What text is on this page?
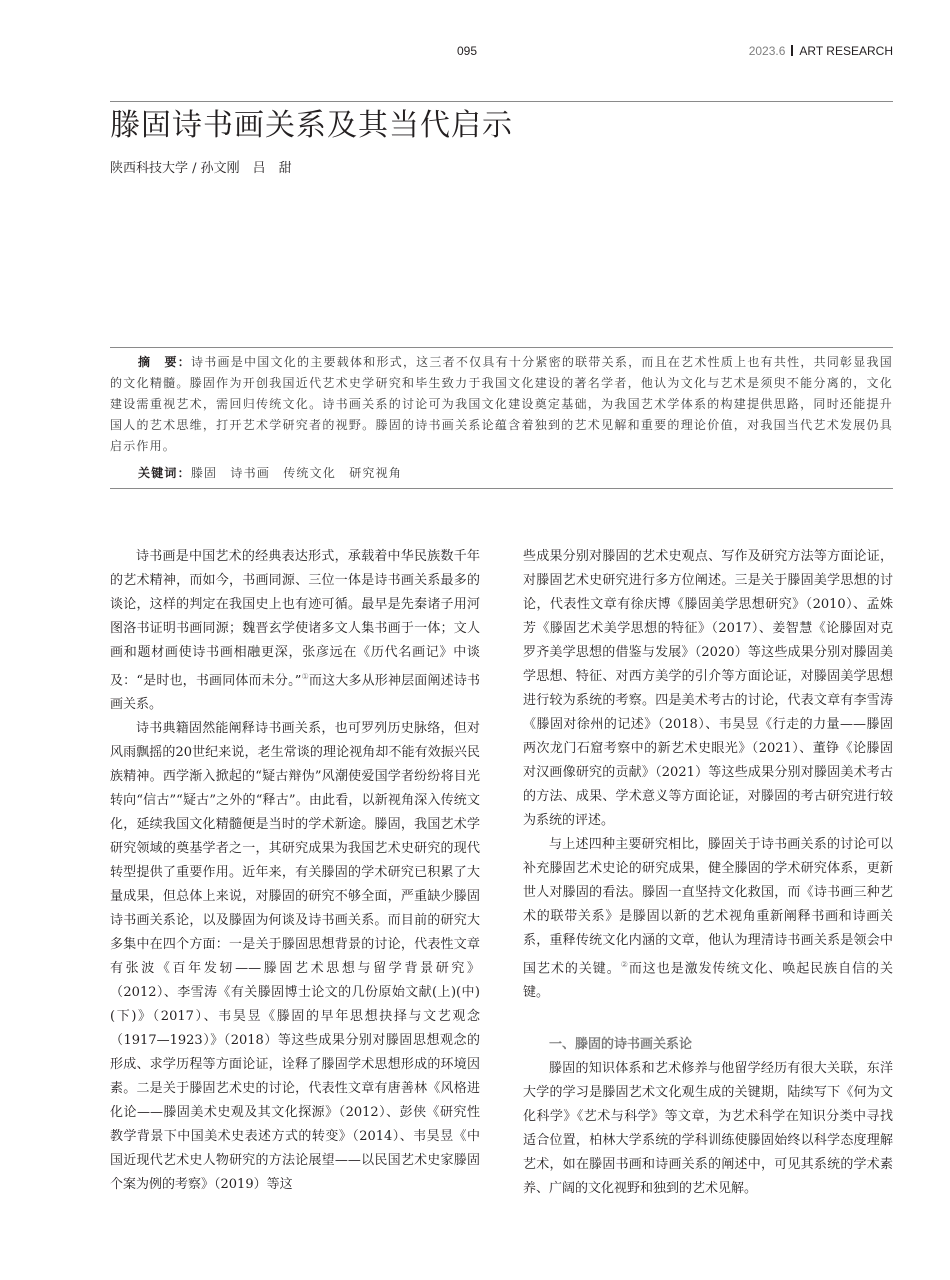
095	2023.6 ART RESEARCH
滕固诗书画关系及其当代启示
陕西科技大学 / 孙文刚　吕　甜
摘　要：诗书画是中国文化的主要载体和形式，这三者不仅具有十分紧密的联带关系，而且在艺术性质上也有共性，共同彰显我国的文化精髓。滕固作为开创我国近代艺术史学研究和毕生致力于我国文化建设的著名学者，他认为文化与艺术是须臾不能分离的，文化建设需重视艺术，需回归传统文化。诗书画关系的讨论可为我国文化建设奠定基础，为我国艺术学体系的构建提供思路，同时还能提升国人的艺术思维，打开艺术学研究者的视野。滕固的诗书画关系论蕴含着独到的艺术见解和重要的理论价值，对我国当代艺术发展仍具启示作用。
关键词：滕固　诗书画　传统文化　研究视角

诗书画是中国艺术的经典表达形式，承载着中华民族数千年的艺术精神，而如今，书画同源、三位一体是诗书画关系最多的谈论，这样的判定在我国史上也有迹可循。最早是先秦诸子用河图洛书证明书画同源；魏晋玄学使诸多文人集书画于一体；文人画和题材画使诗书画相融更深，张彦远在《历代名画记》中谈及：“是时也，书画同体而未分。”①而这大多从形神层面阐述诗书画关系。

诗书典籍固然能阐释诗书画关系，也可罗列历史脉络，但对风雨飘摇的20世纪来说，老生常谈的理论视角却不能有效振兴民族精神。西学渐入掀起的“疑古辩伪”风潮使爱国学者纷纷将目光转向“信古”“疑古”之外的“释古”。由此看，以新视角深入传统文化，延续我国文化精髓便是当时的学术新途。滕固，我国艺术学研究领域的奠基学者之一，其研究成果为我国艺术史研究的现代转型提供了重要作用。近年来，有关滕固的学术研究已积累了大量成果，但总体上来说，对滕固的研究不够全面，严重缺少滕固诗书画关系论，以及滕固为何谈及诗书画关系。而目前的研究大多集中在四个方面：一是关于滕固思想背景的讨论，代表性文章有张波《百年发轫——滕固艺术思想与留学背景研究》（2012）、李雪涛《有关滕固博士论文的几份原始文献(上)(中)(下)》（2017）、韦昊昱《滕固的早年思想抉择与文艺观念（1917—1923）》（2018）等这些成果分别对滕固思想观念的形成、求学历程等方面论证，诠释了滕固学术思想形成的环境因素。二是关于滕固艺术史的讨论，代表性文章有唐善林《风格进化论——滕固美术史观及其文化探源》（2012）、彭侠《研究性教学背景下中国美术史表述方式的转变》（2014）、韦昊昱《中国近现代艺术史人物研究的方法论展望——以民国艺术史家滕固个案为例的考察》（2019）等这

些成果分别对滕固的艺术史观点、写作及研究方法等方面论证，对滕固艺术史研究进行多方位阐述。三是关于滕固美学思想的讨论，代表性文章有徐庆博《滕固美学思想研究》（2010）、孟姝芳《滕固艺术美学思想的特征》（2017）、姜智慧《论滕固对克罗齐美学思想的借鉴与发展》（2020）等这些成果分别对滕固美学思想、特征、对西方美学的引介等方面论证，对滕固美学思想进行较为系统的考察。四是美术考古的讨论，代表文章有李雪涛《滕固对徐州的记述》（2018）、韦昊昱《行走的力量——滕固两次龙门石窟考察中的新艺术史眼光》（2021）、董铮《论滕固对汉画像研究的贡献》（2021）等这些成果分别对滕固美术考古的方法、成果、学术意义等方面论证，对滕固的考古研究进行较为系统的评述。

与上述四种主要研究相比，滕固关于诗书画关系的讨论可以补充滕固艺术史论的研究成果，健全滕固的学术研究体系，更新世人对滕固的看法。滕固一直坚持文化救国，而《诗书画三种艺术的联带关系》是滕固以新的艺术视角重新阐释书画和诗画关系，重释传统文化内涵的文章，他认为理清诗书画关系是领会中国艺术的关键。②而这也是激发传统文化、唤起民族自信的关键。

一、滕固的诗书画关系论

滕固的知识体系和艺术修养与他留学经历有很大关联，东洋大学的学习是滕固艺术文化观生成的关键期，陆续写下《何为文化科学》《艺术与科学》等文章，为艺术科学在知识分类中寻找适合位置，柏林大学系统的学科训练使滕固始终以科学态度理解艺术，如在滕固书画和诗画关系的阐述中，可见其系统的学术素养、广阔的文化视野和独到的艺术见解。
